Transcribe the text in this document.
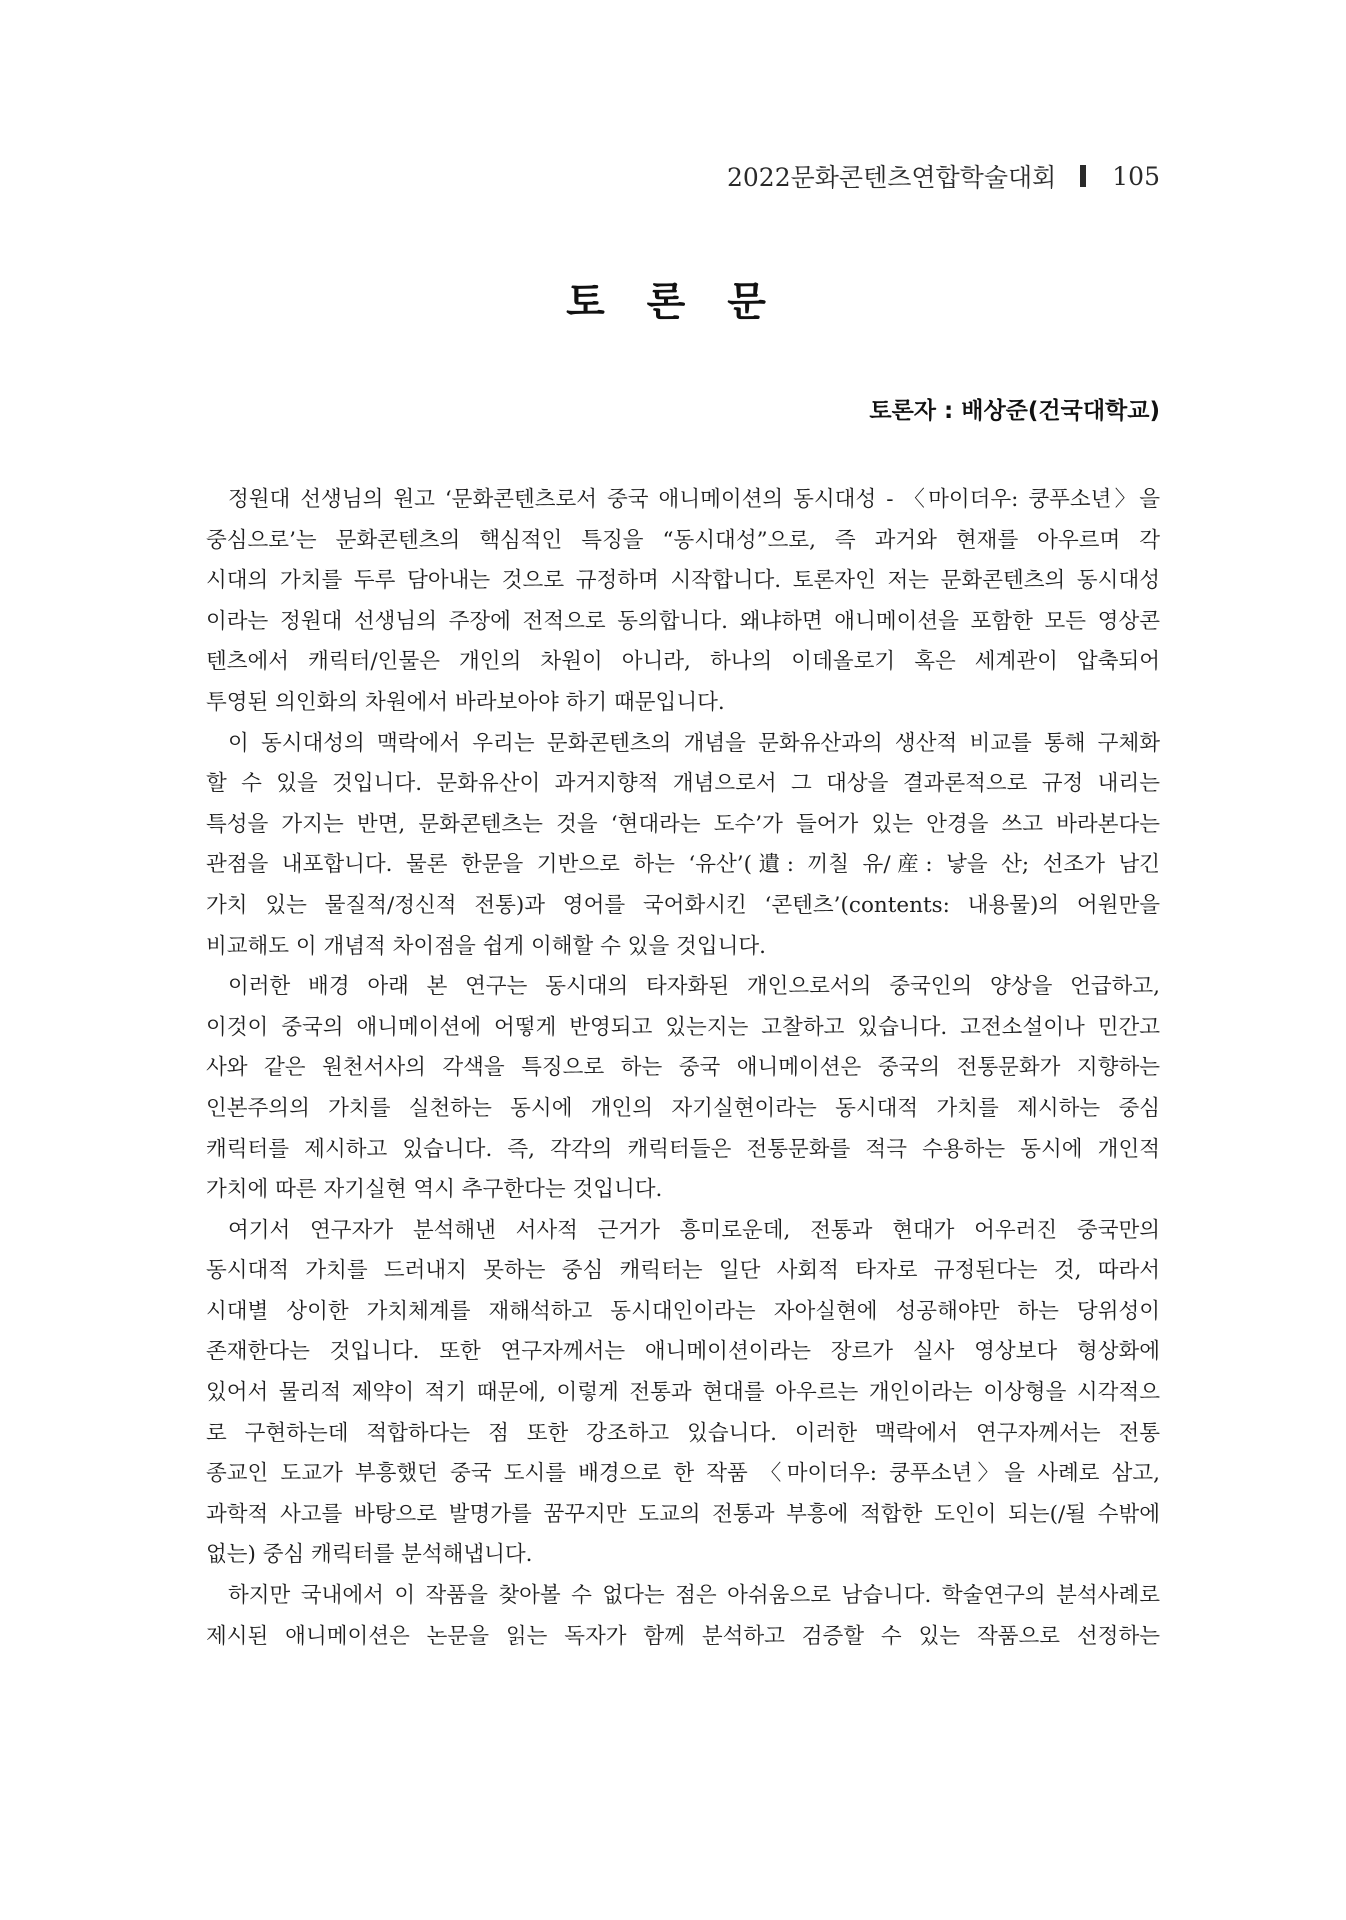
2022문화콘텐츠연합학술대회 105
토 론 문
토론자 : 배상준(건국대학교)
정원대 선생님의 원고 ‘문화콘텐츠로서 중국 애니메이션의 동시대성 - 〈마이더우: 쿵푸소년〉을
중심으로’는 문화콘텐츠의 핵심적인 특징을 “동시대성”으로, 즉 과거와 현재를 아우르며 각
시대의 가치를 두루 담아내는 것으로 규정하며 시작합니다. 토론자인 저는 문화콘텐츠의 동시대성
이라는 정원대 선생님의 주장에 전적으로 동의합니다. 왜냐하면 애니메이션을 포함한 모든 영상콘
텐츠에서 캐릭터/인물은 개인의 차원이 아니라, 하나의 이데올로기 혹은 세계관이 압축되어
투영된 의인화의 차원에서 바라보아야 하기 때문입니다.
이 동시대성의 맥락에서 우리는 문화콘텐츠의 개념을 문화유산과의 생산적 비교를 통해 구체화
할 수 있을 것입니다. 문화유산이 과거지향적 개념으로서 그 대상을 결과론적으로 규정 내리는
특성을 가지는 반면, 문화콘텐츠는 것을 ‘현대라는 도수’가 들어가 있는 안경을 쓰고 바라본다는
관점을 내포합니다. 물론 한문을 기반으로 하는 ‘유산’(遺: 끼칠 유/産: 낳을 산; 선조가 남긴
가치 있는 물질적/정신적 전통)과 영어를 국어화시킨 ‘콘텐츠’(contents: 내용물)의 어원만을
비교해도 이 개념적 차이점을 쉽게 이해할 수 있을 것입니다.
이러한 배경 아래 본 연구는 동시대의 타자화된 개인으로서의 중국인의 양상을 언급하고,
이것이 중국의 애니메이션에 어떻게 반영되고 있는지는 고찰하고 있습니다. 고전소설이나 민간고
사와 같은 원천서사의 각색을 특징으로 하는 중국 애니메이션은 중국의 전통문화가 지향하는
인본주의의 가치를 실천하는 동시에 개인의 자기실현이라는 동시대적 가치를 제시하는 중심
캐릭터를 제시하고 있습니다. 즉, 각각의 캐릭터들은 전통문화를 적극 수용하는 동시에 개인적
가치에 따른 자기실현 역시 추구한다는 것입니다.
여기서 연구자가 분석해낸 서사적 근거가 흥미로운데, 전통과 현대가 어우러진 중국만의
동시대적 가치를 드러내지 못하는 중심 캐릭터는 일단 사회적 타자로 규정된다는 것, 따라서
시대별 상이한 가치체계를 재해석하고 동시대인이라는 자아실현에 성공해야만 하는 당위성이
존재한다는 것입니다. 또한 연구자께서는 애니메이션이라는 장르가 실사 영상보다 형상화에
있어서 물리적 제약이 적기 때문에, 이렇게 전통과 현대를 아우르는 개인이라는 이상형을 시각적으
로 구현하는데 적합하다는 점 또한 강조하고 있습니다. 이러한 맥락에서 연구자께서는 전통
종교인 도교가 부흥했던 중국 도시를 배경으로 한 작품 〈마이더우: 쿵푸소년〉을 사례로 삼고,
과학적 사고를 바탕으로 발명가를 꿈꾸지만 도교의 전통과 부흥에 적합한 도인이 되는(/될 수밖에
없는) 중심 캐릭터를 분석해냅니다.
하지만 국내에서 이 작품을 찾아볼 수 없다는 점은 아쉬움으로 남습니다. 학술연구의 분석사례로
제시된 애니메이션은 논문을 읽는 독자가 함께 분석하고 검증할 수 있는 작품으로 선정하는
